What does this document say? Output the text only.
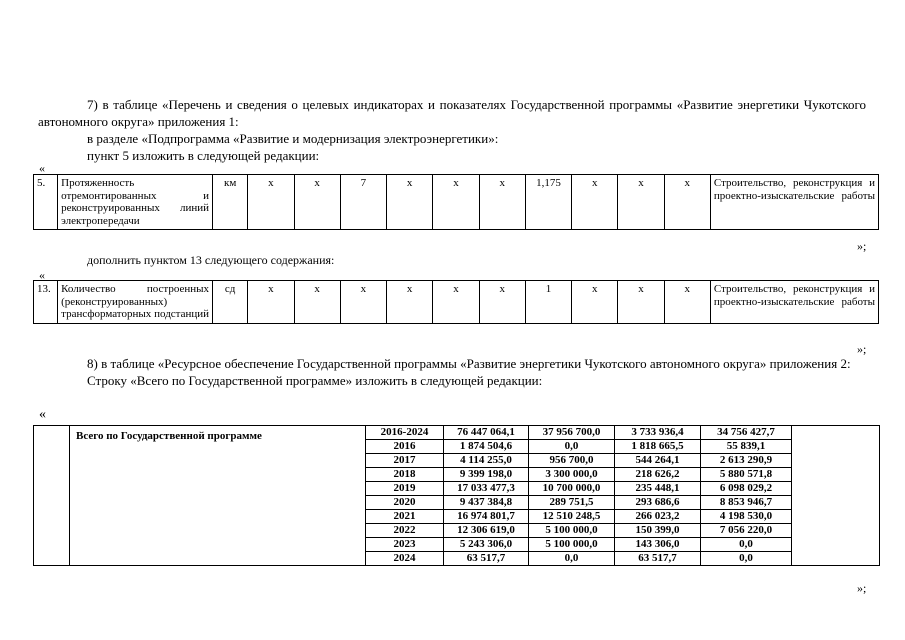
7) в таблице «Перечень и сведения о целевых индикаторах и показателях Государственной программы «Развитие энергетики Чукотского автономного округа» приложения 1:

в разделе «Подпрограмма «Развитие и модернизация электроэнергетики»:

пункт 5 изложить в следующей редакции:

«
5.	Протяженность отремонтированных и реконструированных линий электропередачи	км	х	х	7	х	х	х	1,175	х	х	х	Строительство, реконструкция и проектно-изыскательские работы
»;

дополнить пунктом 13 следующего содержания:

«
13.	Количество построенных (реконструированных) трансформаторных подстанций	сд	х	х	х	х	х	х	1	х	х	х	Строительство, реконструкция и проектно-изыскательские работы
»;

8) в таблице «Ресурсное обеспечение Государственной программы «Развитие энергетики Чукотского автономного округа» приложения 2:

Строку «Всего по Государственной программе» изложить в следующей редакции:

«
	Всего по Государственной программе	2016-2024	76 447 064,1	37 956 700,0	3 733 936,4	34 756 427,7	
		2016	1 874 504,6	0,0	1 818 665,5	55 839,1	
		2017	4 114 255,0	956 700,0	544 264,1	2 613 290,9	
		2018	9 399 198,0	3 300 000,0	218 626,2	5 880 571,8	
		2019	17 033 477,3	10 700 000,0	235 448,1	6 098 029,2	
		2020	9 437 384,8	289 751,5	293 686,6	8 853 946,7	
		2021	16 974 801,7	12 510 248,5	266 023,2	4 198 530,0	
		2022	12 306 619,0	5 100 000,0	150 399,0	7 056 220,0	
		2023	5 243 306,0	5 100 000,0	143 306,0	0,0	
		2024	63 517,7	0,0	63 517,7	0,0	
»;
